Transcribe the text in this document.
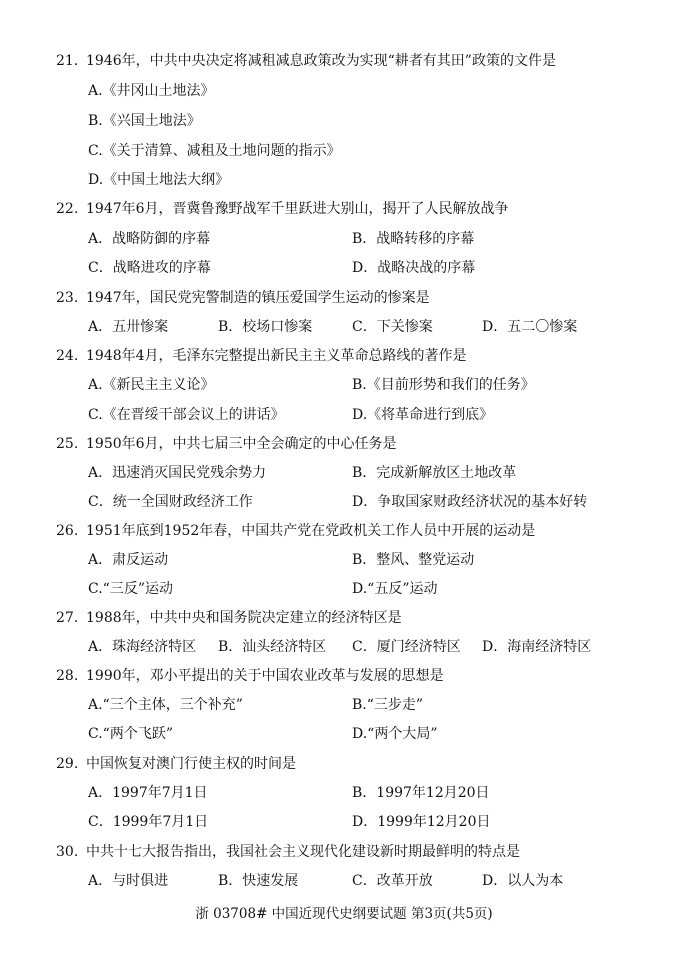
21. 1946年，中共中央决定将减租减息政策改为实现“耕者有其田”政策的文件是
A.《井冈山土地法》
B.《兴国土地法》
C.《关于清算、减租及土地问题的指示》
D.《中国土地法大纲》
22. 1947年6月，晋冀鲁豫野战军千里跃进大别山，揭开了人民解放战争
A．战略防御的序幕	B．战略转移的序幕
C．战略进攻的序幕	D．战略决战的序幕
23. 1947年，国民党宪警制造的镇压爱国学生运动的惨案是
A．五卅惨案	B．校场口惨案	C．下关惨案	D．五二〇惨案
24. 1948年4月，毛泽东完整提出新民主主义革命总路线的著作是
A.《新民主主义论》	B.《目前形势和我们的任务》
C.《在晋绥干部会议上的讲话》	D.《将革命进行到底》
25. 1950年6月，中共七届三中全会确定的中心任务是
A．迅速消灭国民党残余势力	B．完成新解放区土地改革
C．统一全国财政经济工作	D．争取国家财政经济状况的基本好转
26. 1951年底到1952年春，中国共产党在党政机关工作人员中开展的运动是
A．肃反运动	B．整风、整党运动
C.“三反”运动	D.“五反”运动
27. 1988年，中共中央和国务院决定建立的经济特区是
A．珠海经济特区 B．汕头经济特区 C．厦门经济特区 D．海南经济特区
28. 1990年，邓小平提出的关于中国农业改革与发展的思想是
A.“三个主体，三个补充”	B.“三步走”
C.“两个飞跃”	D.“两个大局”
29. 中国恢复对澳门行使主权的时间是
A．1997年7月1日	B．1997年12月20日
C．1999年7月1日	D．1999年12月20日
30. 中共十七大报告指出，我国社会主义现代化建设新时期最鲜明的特点是
A．与时俱进	B．快速发展	C．改革开放	D．以人为本
浙 03708# 中国近现代史纲要试题 第3页(共5页)
